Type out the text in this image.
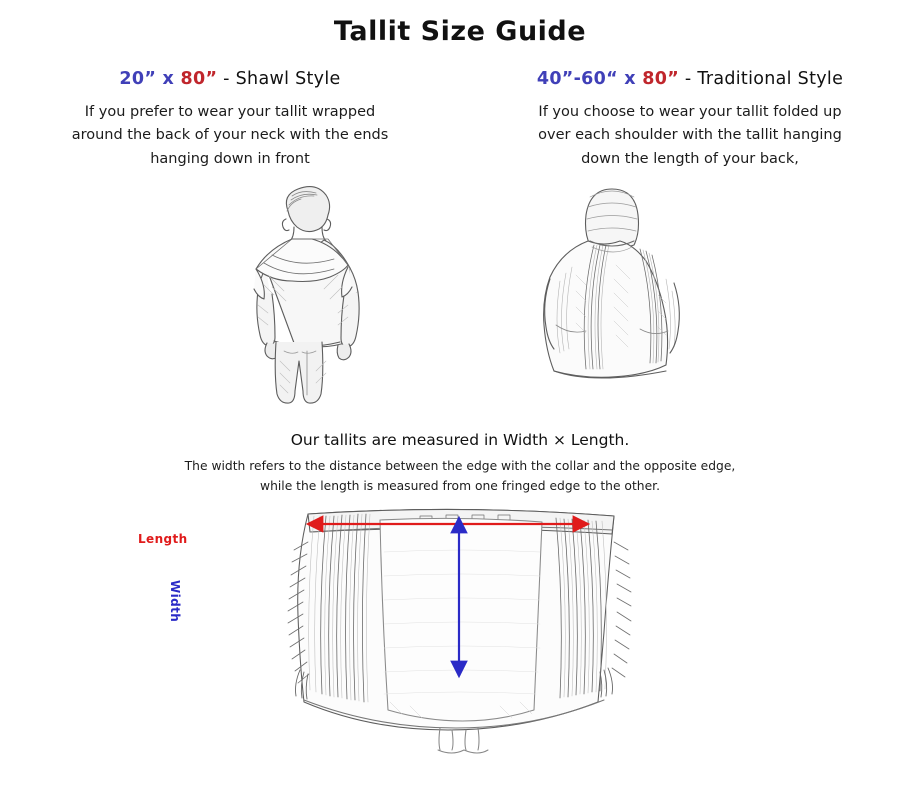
Tallit Size Guide
20” x 80” - Shawl Style
If you prefer to wear your tallit wrapped around the back of your neck with the ends hanging down in front
40”-60“ x 80” - Traditional Style
If you choose to wear your tallit folded up over each shoulder with the tallit hanging down the length of your back,

Our tallits are measured in Width × Length.

The width refers to the distance between the edge with the collar and the opposite edge,
while the length is measured from one fringed edge to the other.
Length
Width
